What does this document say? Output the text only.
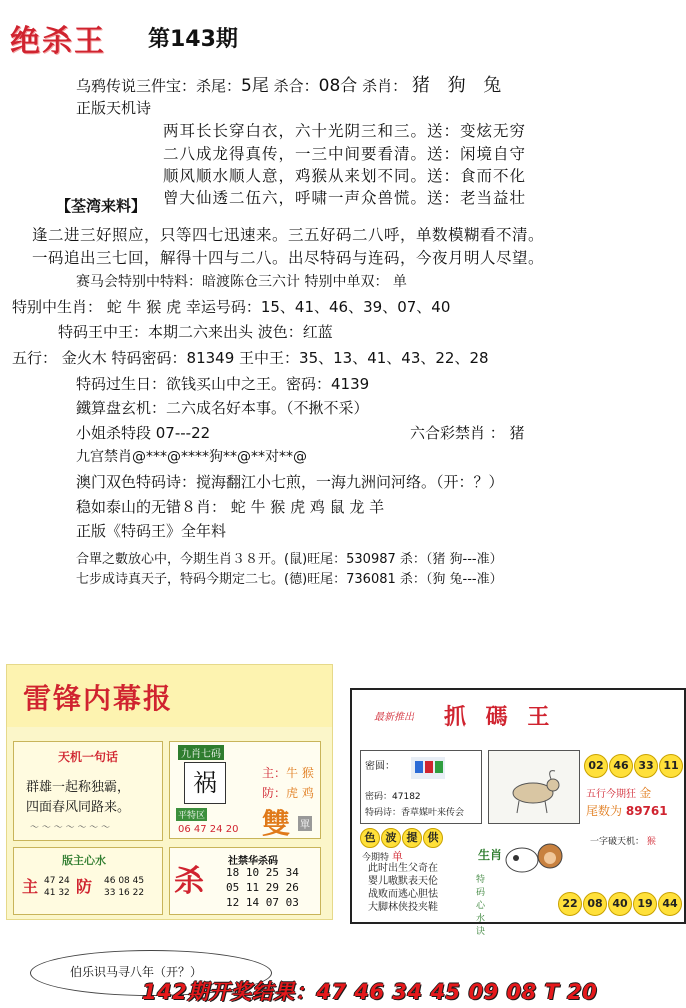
绝杀王 第143期
乌鸦传说三件宝：杀尾：5尾 杀合：08合 杀肖： 猪 狗 兔
正版天机诗
两耳长长穿白衣，六十光阴三和三。送：变炫无穷
二八成龙得真传，一三中间要看清。送：闲境自守
顺风顺水顺人意，鸡猴从来划不同。送：食而不化
曾大仙透二伍六，呼啸一声众兽慌。送：老当益壮
【荃湾来料】
逢二进三好照应，只等四七迅速来。三五好码二八呼，单数模糊看不清。
一码追出三七回，解得十四与二八。出尽特码与连码，今夜月明人尽望。
赛马会特别中特料：暗渡陈仓三六计 特别中单双： 单
特别中生肖： 蛇 牛 猴 虎 幸运号码：15、41、46、39、07、40
特码王中王：本期二六来出头 波色：红蓝
五行： 金火木 特码密码：81349 王中王：35、13、41、43、22、28
特码过生日：欲钱买山中之王。密码：4139
鐵算盘玄机：二六成名好本事。（不揪不采）
小姐杀特段 07---22	六合彩禁肖 ： 猪
九宫禁肖@***@****狗**@**对**@
澳门双色特码诗：搅海翻江小七煎，一海九洲问河络。（开：？）
稳如泰山的无错８肖： 蛇 牛 猴 虎 鸡 鼠 龙 羊
正版《特码王》全年料
合單之數放心中，今期生肖３８开。(鼠)旺尾：530987 杀：（猪 狗---准）
七步成诗真天子，特码今期定二七。(德)旺尾：736081 杀：（狗 兔---准）
雷锋内幕报
天机一句话
群雄一起称独霸，
四面春风同路来。
～ ～ ～ ～ ～ ～ ～
九肖七码
祸	主：牛 猴
防：虎 鸡
平特区
06 47 24 20 雙 單
版主心水
主 47 24
41 32 防 46 08 45
33 16 22 杀
社禁华杀码
18 10 25 34
05 11 29 26
12 14 07 03
最新推出 抓 碼 王
密圆：
密码：47182
特码诗：香草媒叶来传会
02 46 33 11
五行今期狂 金
尾数为 89761
色 波 提 供
今期特 单
此时出生父奇在
婴儿嗷默表天伦
战败而逃心胆怯
大脚林侠投夹鞋
生肖
特码心水诀
一字破天机： 猴
22 08 40 19 44
伯乐识马寻八年（开？）
142期开奖结果：47 46 34 45 09 08 T 20
